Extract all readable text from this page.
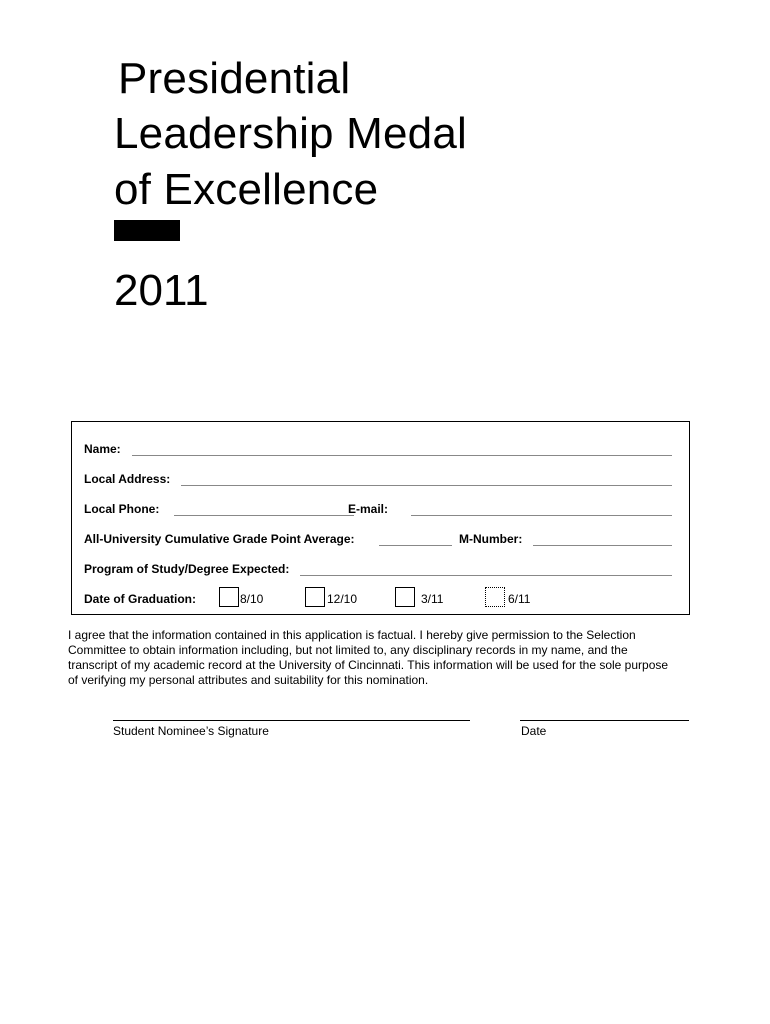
Presidential
Leadership Medal
of Excellence
2011
Name:
Local Address:
Local Phone:	E-mail:
All-University Cumulative Grade Point Average:	M-Number:
Program of Study/Degree Expected:
Date of Graduation:	8/10	12/10	3/11	6/11
I agree that the information contained in this application is factual. I hereby give permission to the Selection
Committee to obtain information including, but not limited to, any disciplinary records in my name, and the
transcript of my academic record at the University of Cincinnati. This information will be used for the sole purpose
of verifying my personal attributes and suitability for this nomination.
Student Nominee’s Signature	Date
